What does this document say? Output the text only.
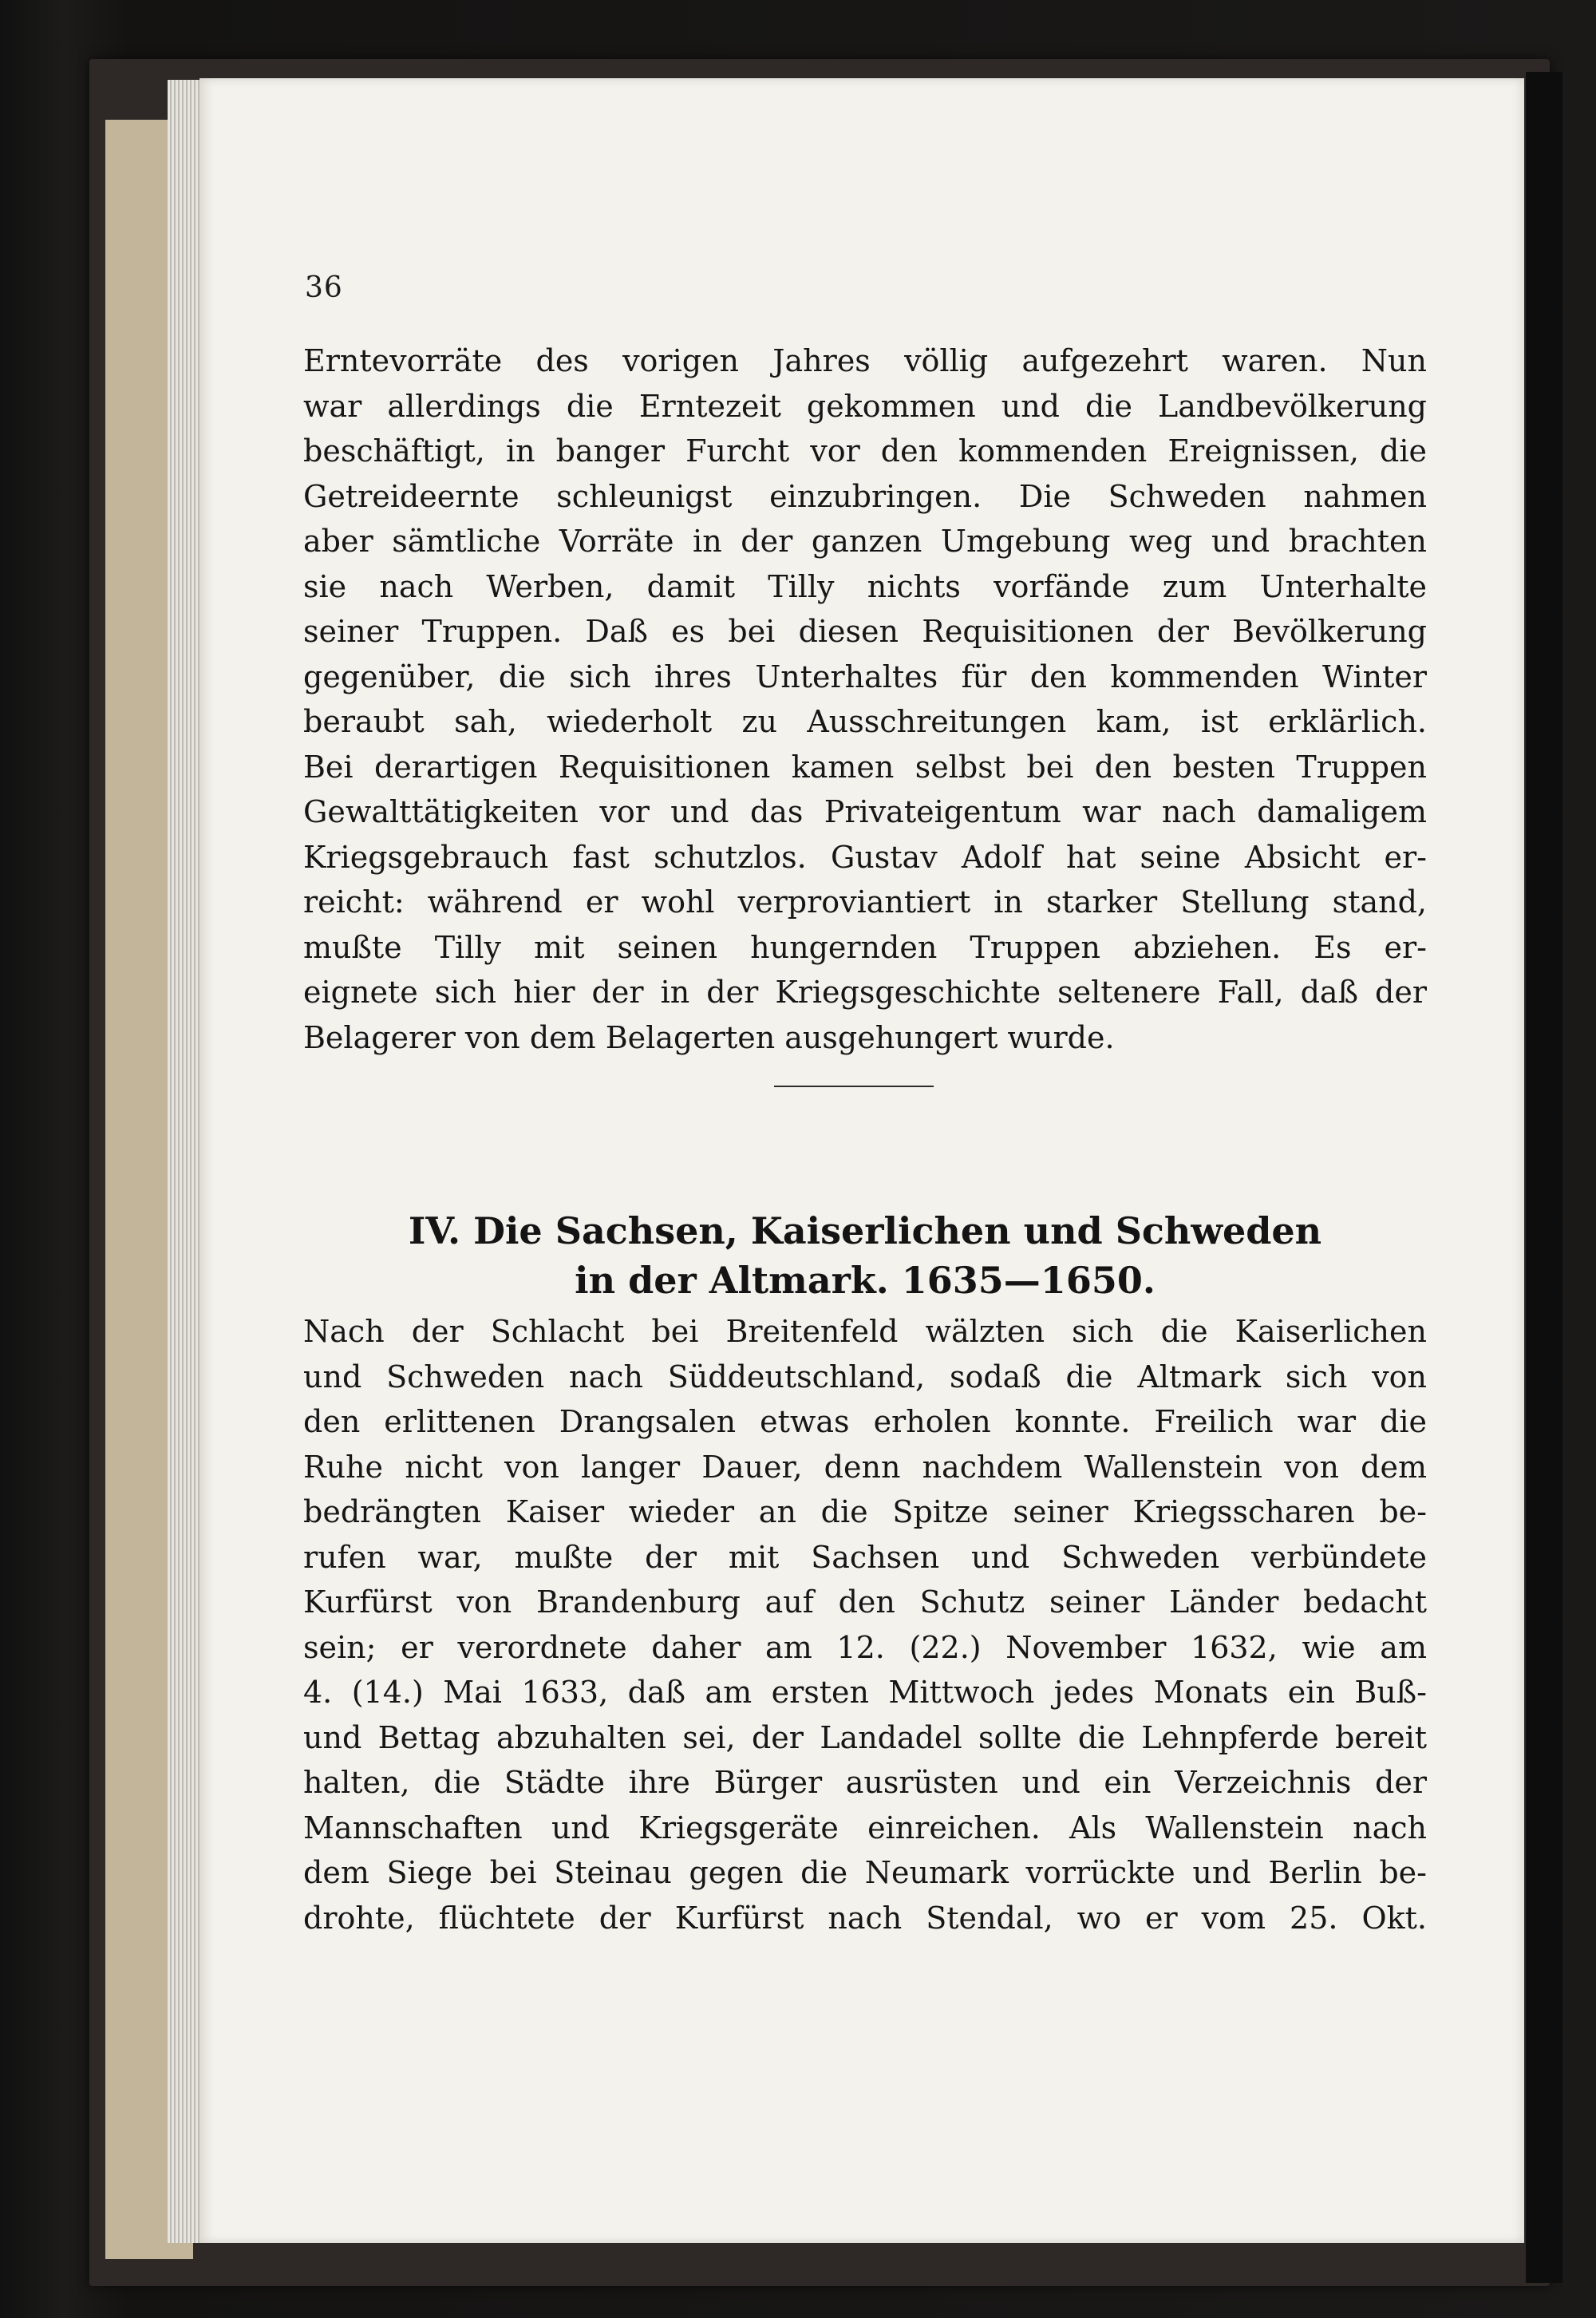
36
Erntevorräte des vorigen Jahres völlig aufgezehrt waren. Nun
war allerdings die Erntezeit gekommen und die Landbevölkerung
beschäftigt, in banger Furcht vor den kommenden Ereignissen, die
Getreideernte schleunigst einzubringen. Die Schweden nahmen
aber sämtliche Vorräte in der ganzen Umgebung weg und brachten
sie nach Werben, damit Tilly nichts vorfände zum Unterhalte
seiner Truppen. Daß es bei diesen Requisitionen der Bevölkerung
gegenüber, die sich ihres Unterhaltes für den kommenden Winter
beraubt sah, wiederholt zu Ausschreitungen kam, ist erklärlich.
Bei derartigen Requisitionen kamen selbst bei den besten Truppen
Gewalttätigkeiten vor und das Privateigentum war nach damaligem
Kriegsgebrauch fast schutzlos. Gustav Adolf hat seine Absicht er-
reicht: während er wohl verproviantiert in starker Stellung stand,
mußte Tilly mit seinen hungernden Truppen abziehen. Es er-
eignete sich hier der in der Kriegsgeschichte seltenere Fall, daß der
Belagerer von dem Belagerten ausgehungert wurde.
IV. Die Sachsen, Kaiserlichen und Schweden
in der Altmark. 1635—1650.
Nach der Schlacht bei Breitenfeld wälzten sich die Kaiserlichen
und Schweden nach Süddeutschland, sodaß die Altmark sich von
den erlittenen Drangsalen etwas erholen konnte. Freilich war die
Ruhe nicht von langer Dauer, denn nachdem Wallenstein von dem
bedrängten Kaiser wieder an die Spitze seiner Kriegsscharen be-
rufen war, mußte der mit Sachsen und Schweden verbündete
Kurfürst von Brandenburg auf den Schutz seiner Länder bedacht
sein; er verordnete daher am 12. (22.) November 1632, wie am
4. (14.) Mai 1633, daß am ersten Mittwoch jedes Monats ein Buß-
und Bettag abzuhalten sei, der Landadel sollte die Lehnpferde bereit
halten, die Städte ihre Bürger ausrüsten und ein Verzeichnis der
Mannschaften und Kriegsgeräte einreichen. Als Wallenstein nach
dem Siege bei Steinau gegen die Neumark vorrückte und Berlin be-
drohte, flüchtete der Kurfürst nach Stendal, wo er vom 25. Okt.
